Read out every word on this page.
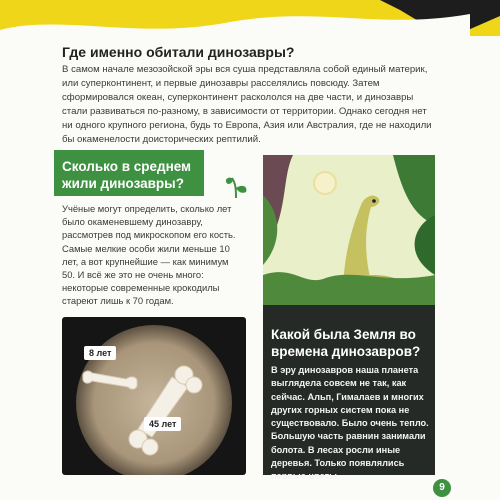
Где именно обитали динозавры?
В самом начале мезозойской эры вся суша представляла собой единый материк, или суперконтинент, и первые динозавры расселялись повсюду. Затем сформировался океан, суперконтинент раскололся на две части, и динозавры стали развиваться по-разному, в зависимости от территории. Однако сегодня нет ни одного крупного региона, будь то Европа, Азия или Австралия, где не находили бы окаменелости доисторических рептилий.
Сколько в среднем жили динозавры?
Учёные могут определить, сколько лет было окаменевшему динозавру, рассмотрев под микроскопом его кость. Самые мелкие особи жили меньше 10 лет, а вот крупнейшие — как минимум 50. И всё же это не очень много: некоторые современные крокодилы стареют лишь к 70 годам.
8 лет
45 лет
Какой была Земля во времена динозавров?
В эру динозавров наша планета выглядела совсем не так, как сейчас. Альп, Гималаев и многих других горных систем пока не существовало. Было очень тепло. Большую часть равнин занимали болота. В лесах росли иные деревья. Только появлялись первые цветы.
9
